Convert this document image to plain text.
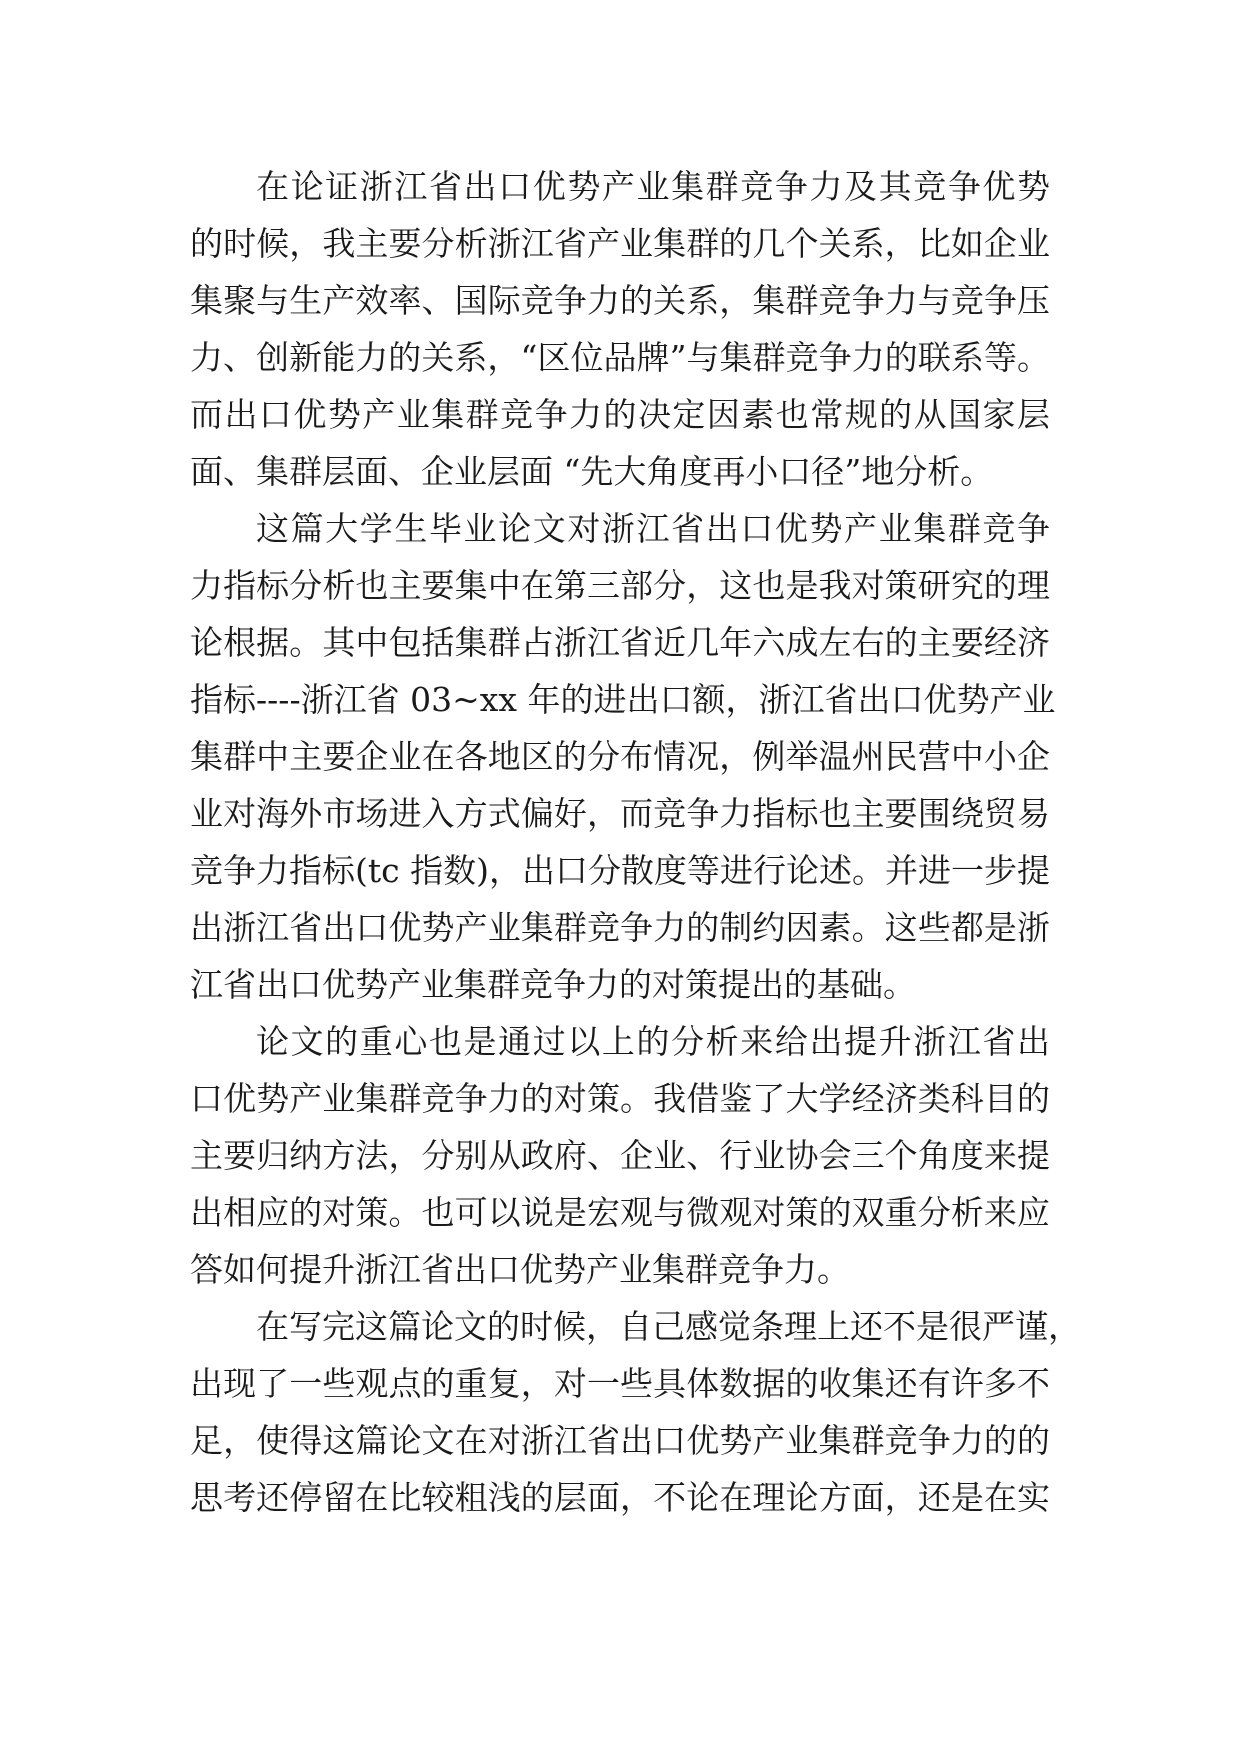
在论证浙江省出口优势产业集群竞争力及其竞争优势
的时候，我主要分析浙江省产业集群的几个关系，比如企业
集聚与生产效率、国际竞争力的关系，集群竞争力与竞争压
力、创新能力的关系，“区位品牌”与集群竞争力的联系等。
而出口优势产业集群竞争力的决定因素也常规的从国家层
面、集群层面、企业层面 “先大角度再小口径”地分析。
这篇大学生毕业论文对浙江省出口优势产业集群竞争
力指标分析也主要集中在第三部分，这也是我对策研究的理
论根据。其中包括集群占浙江省近几年六成左右的主要经济
指标----浙江省 03~xx 年的进出口额，浙江省出口优势产业
集群中主要企业在各地区的分布情况，例举温州民营中小企
业对海外市场进入方式偏好，而竞争力指标也主要围绕贸易
竞争力指标(tc 指数)，出口分散度等进行论述。并进一步提
出浙江省出口优势产业集群竞争力的制约因素。这些都是浙
江省出口优势产业集群竞争力的对策提出的基础。
论文的重心也是通过以上的分析来给出提升浙江省出
口优势产业集群竞争力的对策。我借鉴了大学经济类科目的
主要归纳方法，分别从政府、企业、行业协会三个角度来提
出相应的对策。也可以说是宏观与微观对策的双重分析来应
答如何提升浙江省出口优势产业集群竞争力。
在写完这篇论文的时候，自己感觉条理上还不是很严谨，
出现了一些观点的重复，对一些具体数据的收集还有许多不
足，使得这篇论文在对浙江省出口优势产业集群竞争力的的
思考还停留在比较粗浅的层面，不论在理论方面，还是在实
